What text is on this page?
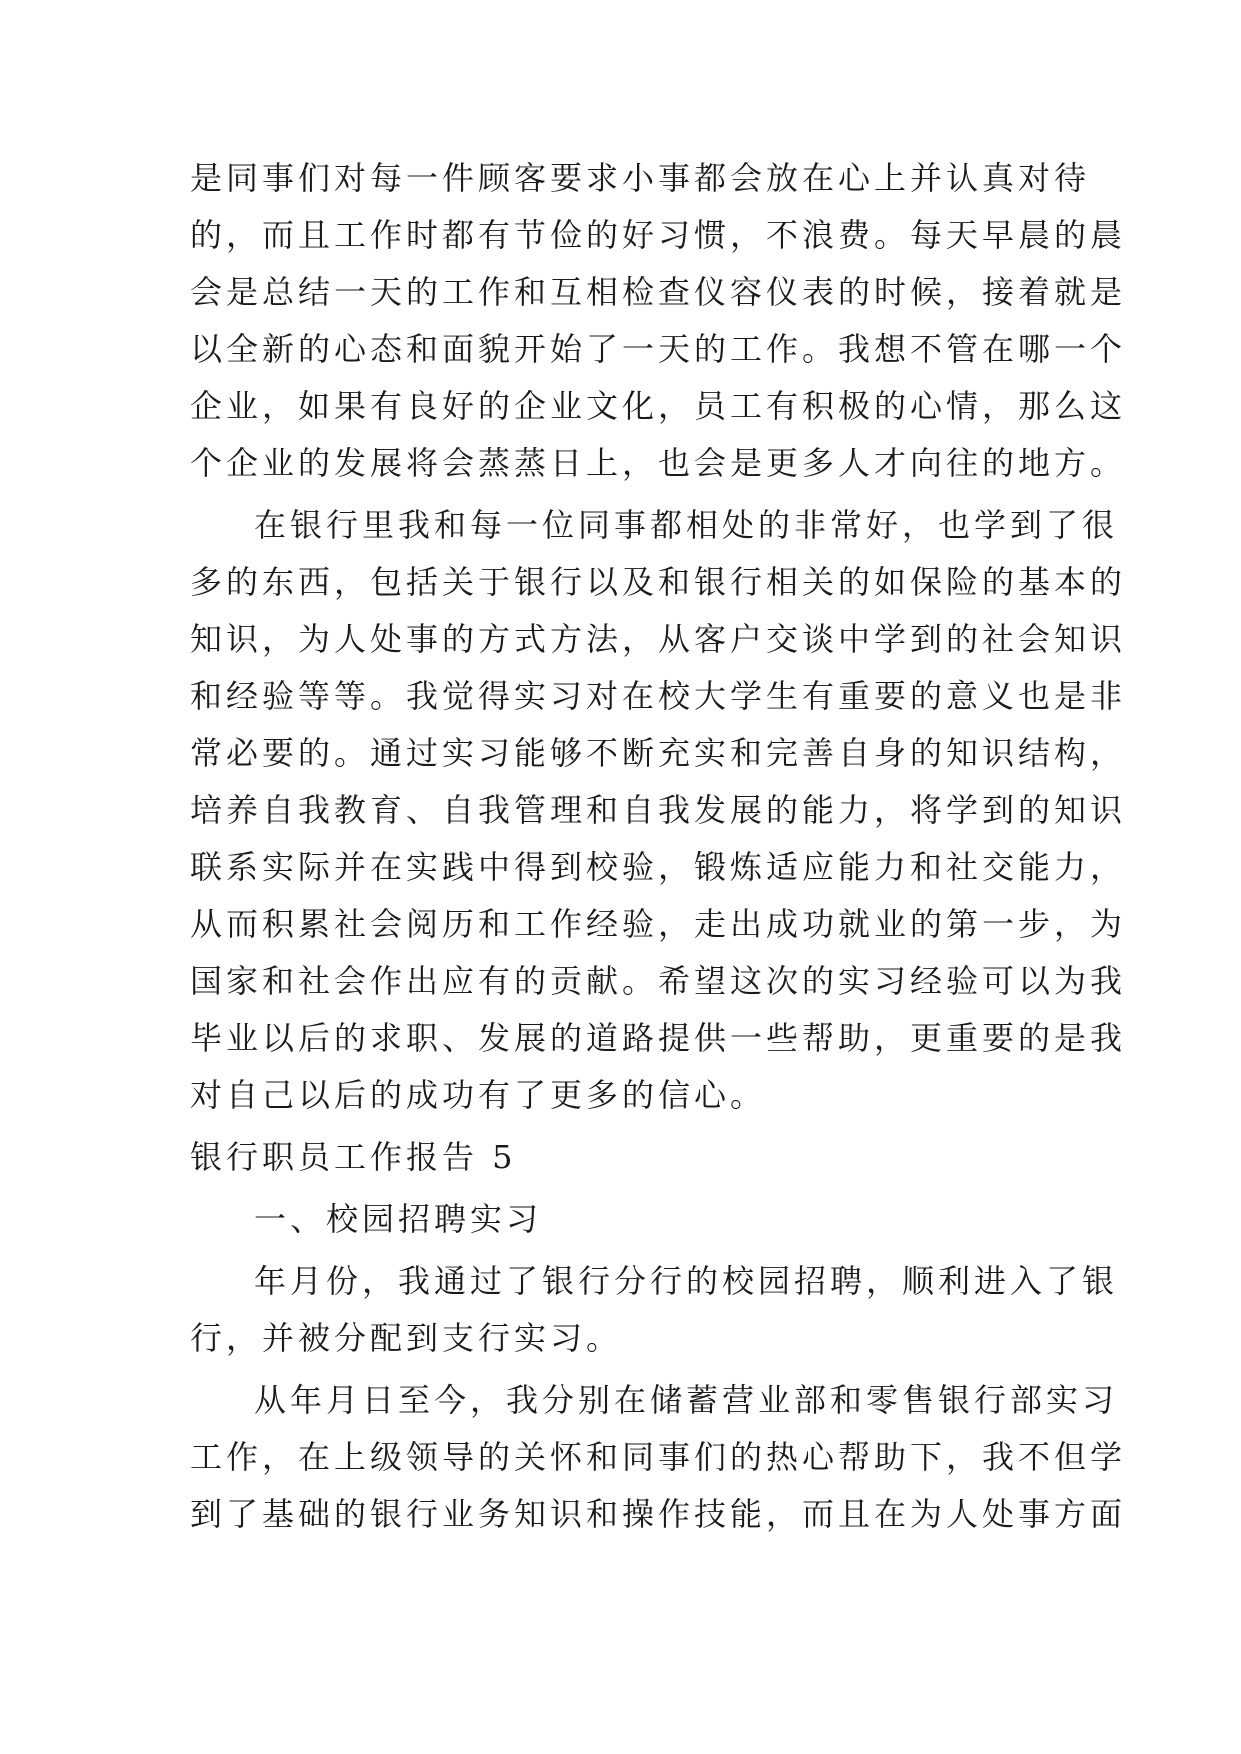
是同事们对每一件顾客要求小事都会放在心上并认真对待
的，而且工作时都有节俭的好习惯，不浪费。每天早晨的晨
会是总结一天的工作和互相检查仪容仪表的时候，接着就是
以全新的心态和面貌开始了一天的工作。我想不管在哪一个
企业，如果有良好的企业文化，员工有积极的心情，那么这
个企业的发展将会蒸蒸日上，也会是更多人才向往的地方。
在银行里我和每一位同事都相处的非常好，也学到了很
多的东西，包括关于银行以及和银行相关的如保险的基本的
知识，为人处事的方式方法，从客户交谈中学到的社会知识
和经验等等。我觉得实习对在校大学生有重要的意义也是非
常必要的。通过实习能够不断充实和完善自身的知识结构，
培养自我教育、自我管理和自我发展的能力，将学到的知识
联系实际并在实践中得到校验，锻炼适应能力和社交能力，
从而积累社会阅历和工作经验，走出成功就业的第一步，为
国家和社会作出应有的贡献。希望这次的实习经验可以为我
毕业以后的求职、发展的道路提供一些帮助，更重要的是我
对自己以后的成功有了更多的信心。
银行职员工作报告 5
一、校园招聘实习
年月份，我通过了银行分行的校园招聘，顺利进入了银
行，并被分配到支行实习。
从年月日至今，我分别在储蓄营业部和零售银行部实习
工作，在上级领导的关怀和同事们的热心帮助下，我不但学
到了基础的银行业务知识和操作技能，而且在为人处事方面
